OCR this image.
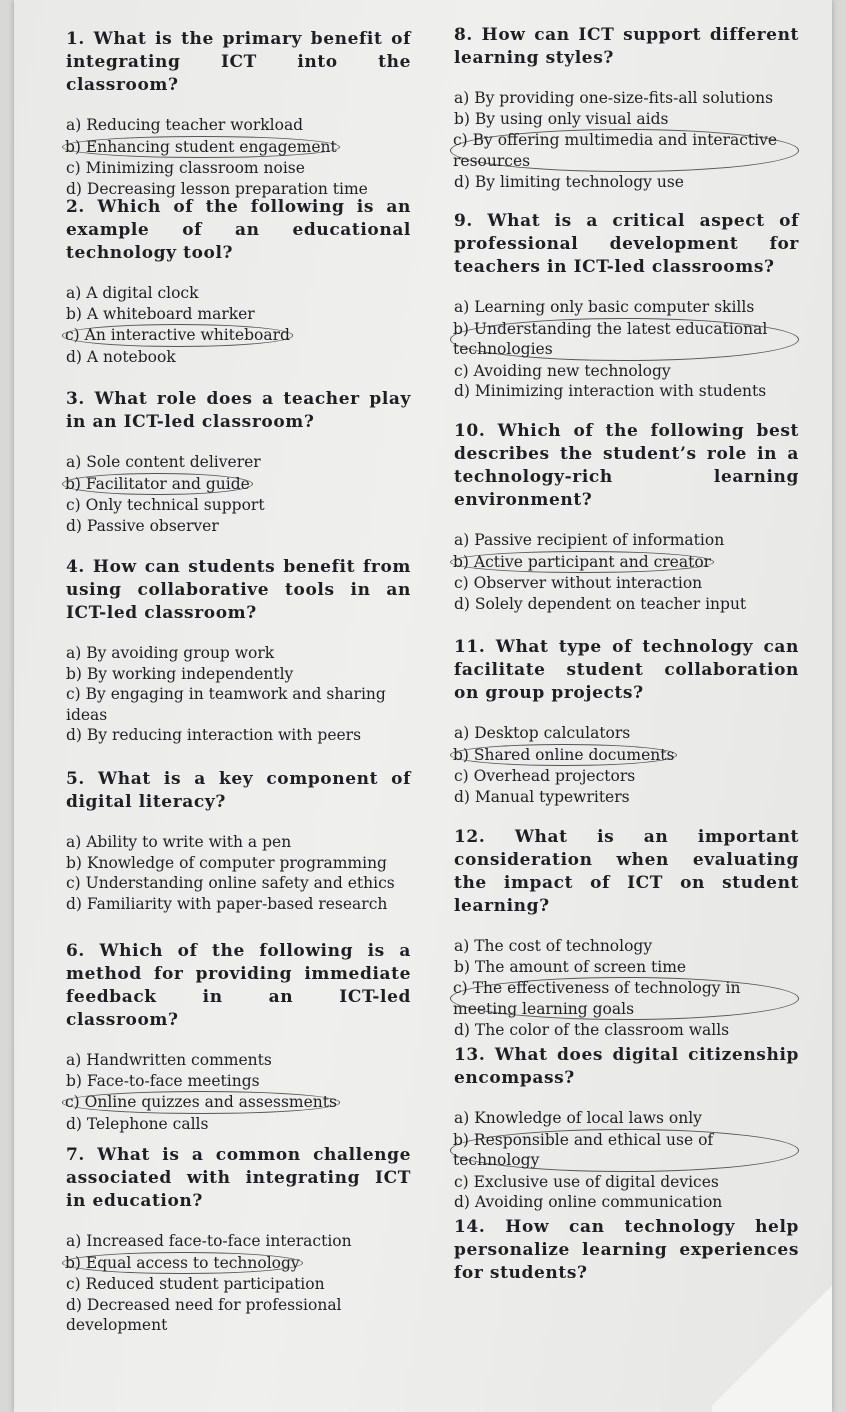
1. What is the primary benefit of integrating ICT into the classroom?

a) Reducing teacher workload

b) Enhancing student engagement

c) Minimizing classroom noise

d) Decreasing lesson preparation time

2. Which of the following is an example of an educational technology tool?

a) A digital clock

b) A whiteboard marker

c) An interactive whiteboard

d) A notebook

3. What role does a teacher play in an ICT-led classroom?

a) Sole content deliverer

b) Facilitator and guide

c) Only technical support

d) Passive observer

4. How can students benefit from using collaborative tools in an ICT-led classroom?

a) By avoiding group work

b) By working independently

c) By engaging in teamwork and sharing ideas

d) By reducing interaction with peers

5. What is a key component of digital literacy?

a) Ability to write with a pen

b) Knowledge of computer programming

c) Understanding online safety and ethics

d) Familiarity with paper-based research

6. Which of the following is a method for providing immediate feedback in an ICT-led classroom?

a) Handwritten comments

b) Face-to-face meetings

c) Online quizzes and assessments

d) Telephone calls

7. What is a common challenge associated with integrating ICT in education?

a) Increased face-to-face interaction

b) Equal access to technology

c) Reduced student participation

d) Decreased need for professional development

8. How can ICT support different learning styles?

a) By providing one-size-fits-all solutions

b) By using only visual aids

c) By offering multimedia and interactive resources

d) By limiting technology use

9. What is a critical aspect of professional development for teachers in ICT-led classrooms?

a) Learning only basic computer skills

b) Understanding the latest educational technologies

c) Avoiding new technology

d) Minimizing interaction with students

10. Which of the following best describes the student’s role in a technology-rich learning environment?

a) Passive recipient of information

b) Active participant and creator

c) Observer without interaction

d) Solely dependent on teacher input

11. What type of technology can facilitate student collaboration on group projects?

a) Desktop calculators

b) Shared online documents

c) Overhead projectors

d) Manual typewriters

12. What is an important consideration when evaluating the impact of ICT on student learning?

a) The cost of technology

b) The amount of screen time

c) The effectiveness of technology in meeting learning goals

d) The color of the classroom walls

13. What does digital citizenship encompass?

a) Knowledge of local laws only

b) Responsible and ethical use of technology

c) Exclusive use of digital devices

d) Avoiding online communication

14. How can technology help personalize learning experiences for students?
